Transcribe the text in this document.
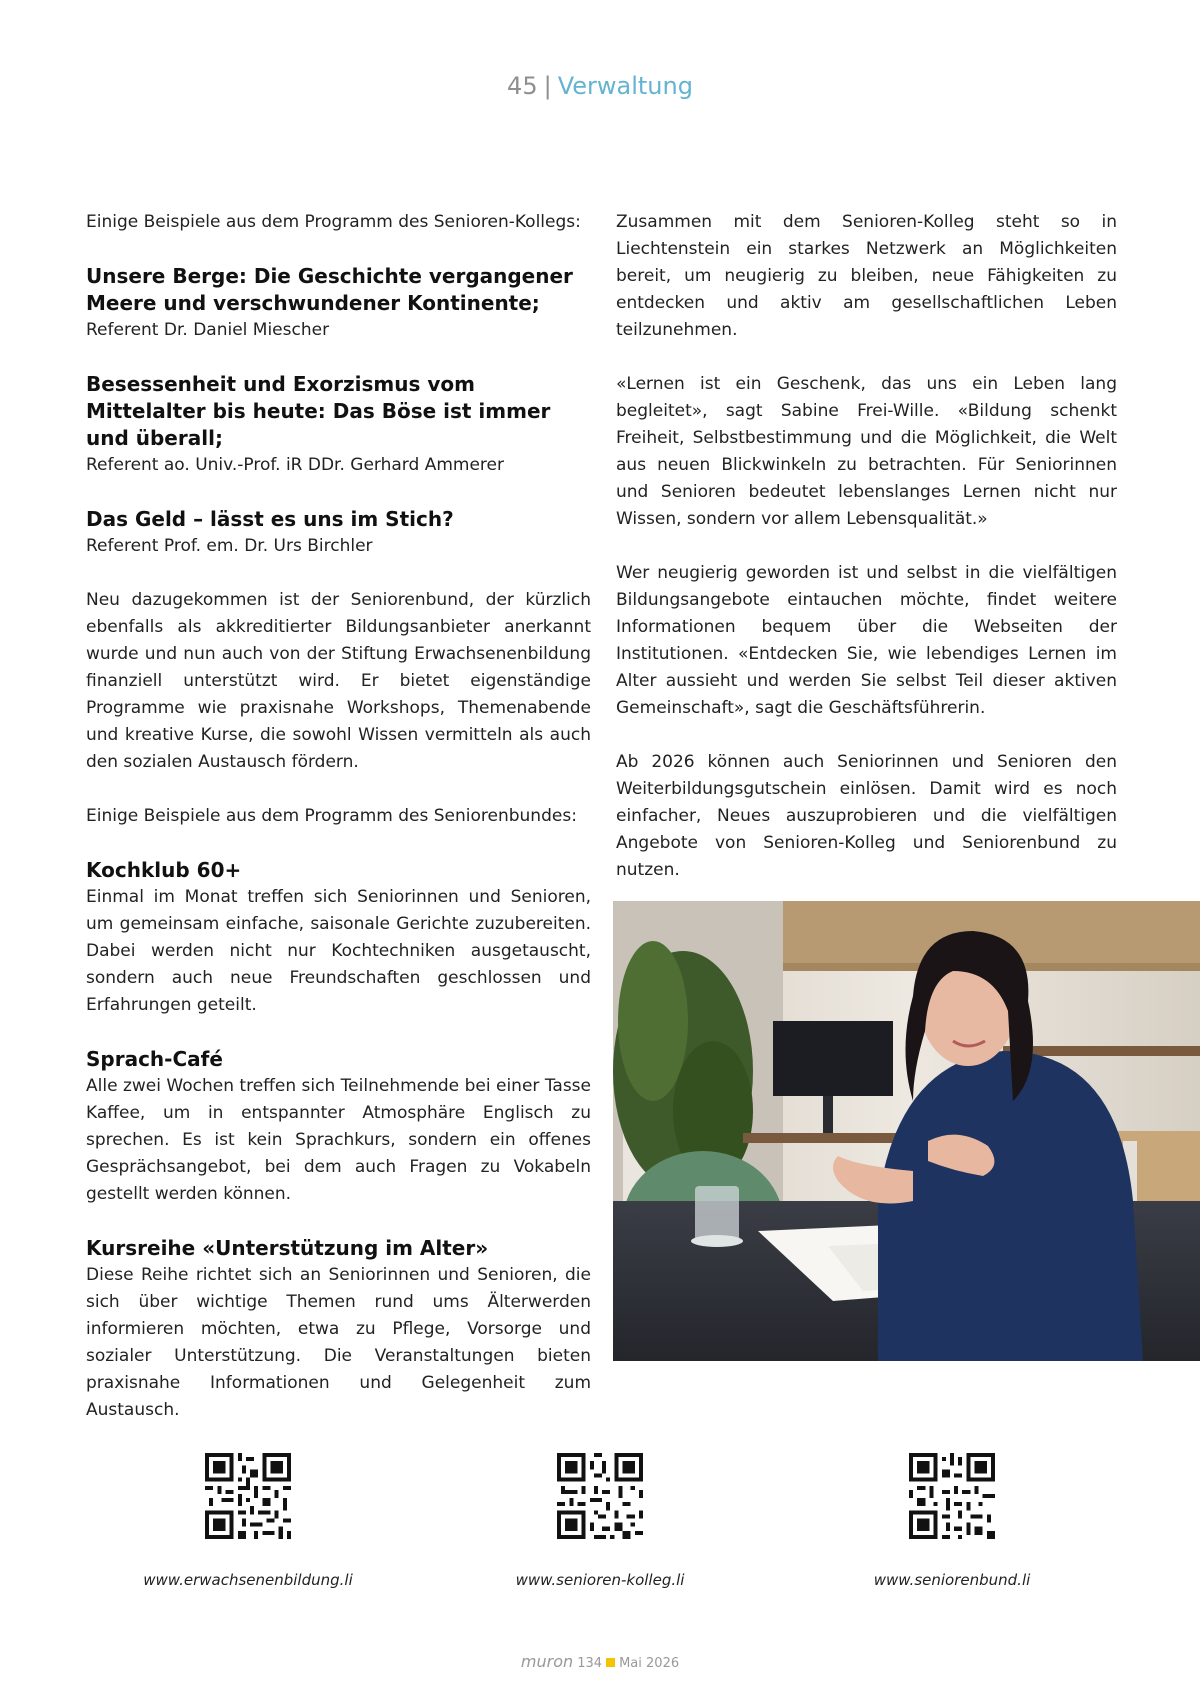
45 | Verwaltung

Einige Beispiele aus dem Programm des Senioren-Kollegs:

Unsere Berge: Die Geschichte vergangener Meere und verschwundener Kontinente;

Referent Dr. Daniel Miescher

Besessenheit und Exorzismus vom Mittelalter bis heute: Das Böse ist immer und überall;

Referent ao. Univ.-Prof. iR DDr. Gerhard Ammerer

Das Geld – lässt es uns im Stich?

Referent Prof. em. Dr. Urs Birchler

Neu dazugekommen ist der Seniorenbund, der kürzlich ebenfalls als akkreditierter Bildungsanbieter anerkannt wurde und nun auch von der Stiftung Erwachsenenbildung finanziell unterstützt wird. Er bietet eigenständige Programme wie praxisnahe Workshops, Themenabende und kreative Kurse, die sowohl Wissen vermitteln als auch den sozialen Austausch fördern.

Einige Beispiele aus dem Programm des Seniorenbundes:

Kochklub 60+

Einmal im Monat treffen sich Seniorinnen und Senioren, um gemeinsam einfache, saisonale Gerichte zuzubereiten. Dabei werden nicht nur Kochtechniken ausgetauscht, sondern auch neue Freundschaften geschlossen und Erfahrungen geteilt.

Sprach-Café

Alle zwei Wochen treffen sich Teilnehmende bei einer Tasse Kaffee, um in entspannter Atmosphäre Englisch zu sprechen. Es ist kein Sprachkurs, sondern ein offenes Gesprächsangebot, bei dem auch Fragen zu Vokabeln gestellt werden können.

Kursreihe «Unterstützung im Alter»

Diese Reihe richtet sich an Seniorinnen und Senioren, die sich über wichtige Themen rund ums Älterwerden informieren möchten, etwa zu Pflege, Vorsorge und sozialer Unterstützung. Die Veranstaltungen bieten praxisnahe Informationen und Gelegenheit zum Austausch.

Zusammen mit dem Senioren-Kolleg steht so in Liechtenstein ein starkes Netzwerk an Möglichkeiten bereit, um neugierig zu bleiben, neue Fähigkeiten zu entdecken und aktiv am gesellschaftlichen Leben teilzunehmen.

«Lernen ist ein Geschenk, das uns ein Leben lang begleitet», sagt Sabine Frei-Wille. «Bildung schenkt Freiheit, Selbstbestimmung und die Möglichkeit, die Welt aus neuen Blickwinkeln zu betrachten. Für Seniorinnen und Senioren bedeutet lebenslanges Lernen nicht nur Wissen, sondern vor allem Lebensqualität.»

Wer neugierig geworden ist und selbst in die vielfältigen Bildungsangebote eintauchen möchte, findet weitere Informationen bequem über die Webseiten der Institutionen. «Entdecken Sie, wie lebendiges Lernen im Alter aussieht und werden Sie selbst Teil dieser aktiven Gemeinschaft», sagt die Geschäftsführerin.

Ab 2026 können auch Seniorinnen und Senioren den Weiterbildungsgutschein einlösen. Damit wird es noch einfacher, Neues auszuprobieren und die vielfältigen Angebote von Senioren-Kolleg und Seniorenbund zu nutzen.

www.erwachsenenbildung.li	www.senioren-kolleg.li	www.seniorenbund.li
muron 134 Mai 2026
